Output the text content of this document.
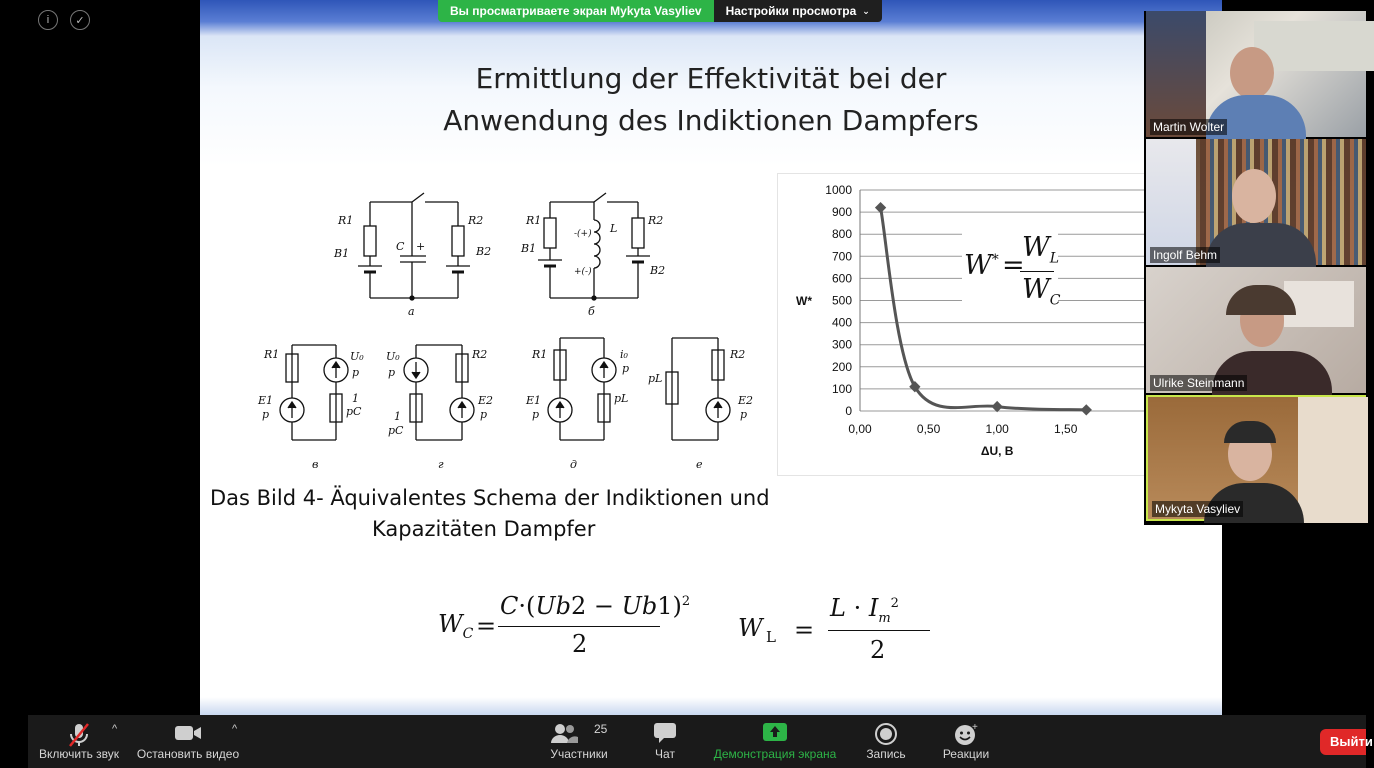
i	✓
Ermittlung der Effektivität bei der
Anwendung des Indiktionen Dampfers
R1
B1
C +
R2
B2
а
R1
B1
L
-(+)
+(-)
R2
B2
б
R1
E1
p
U₀
p
1
pC
в
U₀
p
1
pC
R2
E2
p
г
R1
E1
p
i₀
p
pL
д
pL
R2
E2
p
е
0
100
200
300
400
500
600
700
800
900
1000
0,00	0,50	1,00	1,50
W*
ΔU, В
W* =
$W_L$
$W_C$
Das Bild 4- Äquivalentes Schema der Indiktionen und
Kapazitäten Dampfer
$W_C$ =
$C\cdot(Ub2 - Ub1)^2$
2
W L =
$L \cdot I_m^2$
2
Вы просматриваете экран Mykyta Vasyliev	Настройки просмотра ⌄
Martin Wolter
Ingolf Behm
Ulrike Steinmann
Mykyta Vasyliev
Включить звук
^
Остановить видео
^	25
Участники	Чат	Демонстрация экрана	Запись
+
Реакции
Выйти
